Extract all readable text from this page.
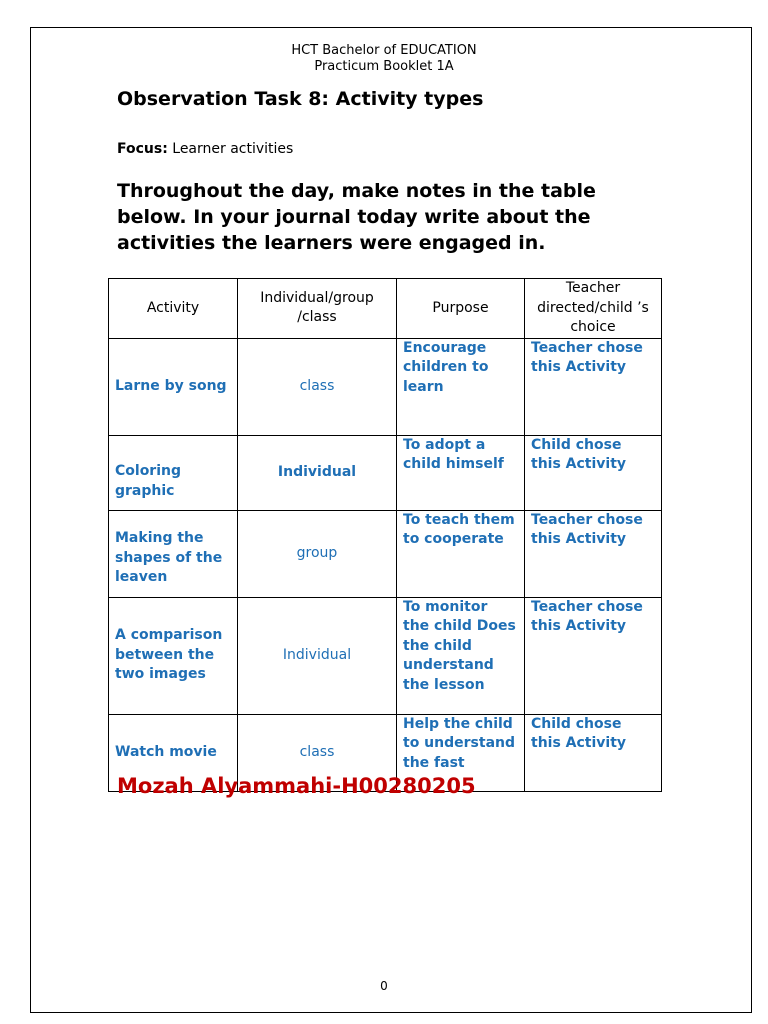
HCT Bachelor of EDUCATION
Practicum Booklet 1A
Observation Task 8: Activity types
Focus: Learner activities
Throughout the day, make notes in the table below. In your journal today write about the activities the learners were engaged in.
Activity	Individual/group /class	Purpose	Teacher directed/child ’s choice
Larne by song	class	Encourage children to learn	Teacher chose this Activity
Coloring graphic	Individual	To adopt a child himself	Child chose this Activity
Making the shapes of the leaven	group	To teach them to cooperate	Teacher chose this Activity
A comparison between the two images	Individual	To monitor the child Does the child understand the lesson	Teacher chose this Activity
Watch movie	class	Help the child to understand the fast	Child chose this Activity
Mozah Alyammahi-H00280205
0
